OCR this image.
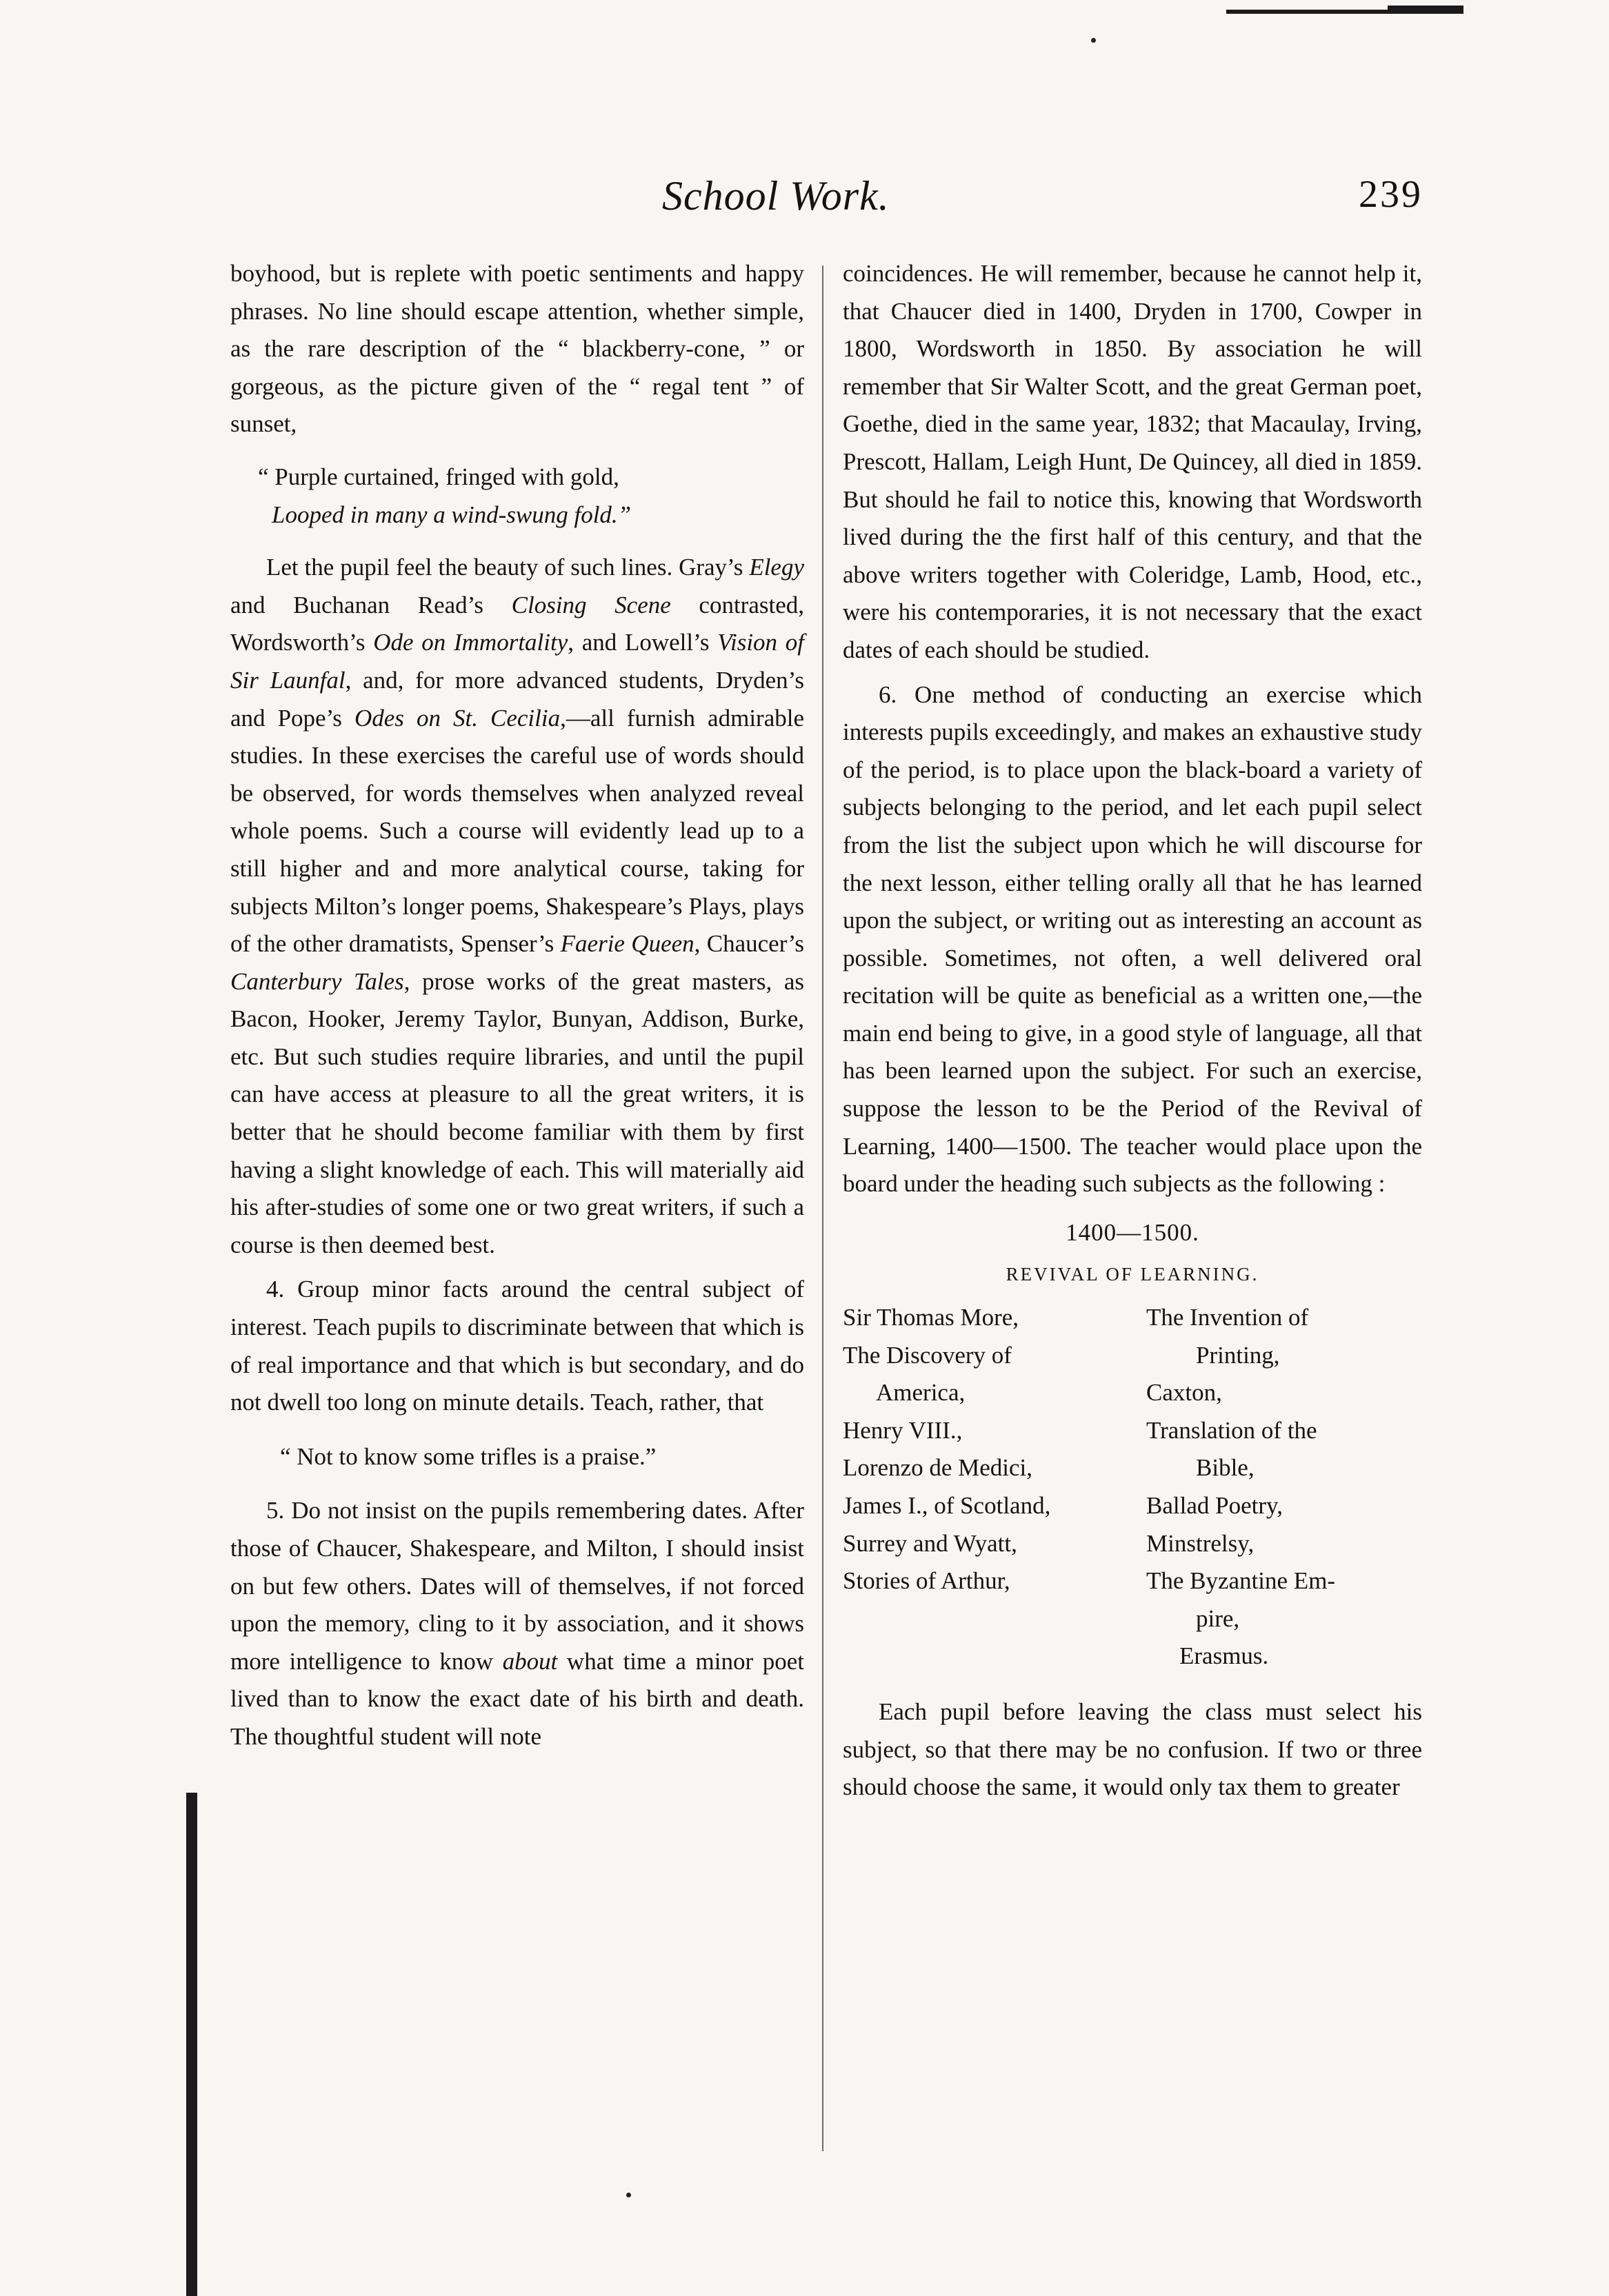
School Work.	239

boyhood, but is replete with poetic sentiments and happy phrases. No line should escape attention, whether simple, as the rare description of the “ blackberry-cone, ” or gorgeous, as the picture given of the “ regal tent ” of sunset,

“ Purple curtained, fringed with gold,
Looped in many a wind-swung fold.”

Let the pupil feel the beauty of such lines. Gray’s Elegy and Buchanan Read’s Closing Scene contrasted, Wordsworth’s Ode on Immortality, and Lowell’s Vision of Sir Launfal, and, for more advanced students, Dryden’s and Pope’s Odes on St. Cecilia,—all furnish admirable studies. In these exercises the careful use of words should be observed, for words themselves when analyzed reveal whole poems. Such a course will evidently lead up to a still higher and and more analytical course, taking for subjects Milton’s longer poems, Shakespeare’s Plays, plays of the other dramatists, Spenser’s Faerie Queen, Chaucer’s Canterbury Tales, prose works of the great masters, as Bacon, Hooker, Jeremy Taylor, Bunyan, Addison, Burke, etc. But such studies require libraries, and until the pupil can have access at pleasure to all the great writers, it is better that he should become familiar with them by first having a slight knowledge of each. This will materially aid his after-studies of some one or two great writers, if such a course is then deemed best.

4. Group minor facts around the central subject of interest. Teach pupils to discriminate between that which is of real importance and that which is but secondary, and do not dwell too long on minute details. Teach, rather, that

“ Not to know some trifles is a praise.”

5. Do not insist on the pupils remembering dates. After those of Chaucer, Shakespeare, and Milton, I should insist on but few others. Dates will of themselves, if not forced upon the memory, cling to it by association, and it shows more intelligence to know about what time a minor poet lived than to know the exact date of his birth and death. The thoughtful student will note

coincidences. He will remember, because he cannot help it, that Chaucer died in 1400, Dryden in 1700, Cowper in 1800, Wordsworth in 1850. By association he will remember that Sir Walter Scott, and the great German poet, Goethe, died in the same year, 1832; that Macaulay, Irving, Prescott, Hallam, Leigh Hunt, De Quincey, all died in 1859. But should he fail to notice this, knowing that Wordsworth lived during the the first half of this century, and that the above writers together with Coleridge, Lamb, Hood, etc., were his contemporaries, it is not necessary that the exact dates of each should be studied.

6. One method of conducting an exercise which interests pupils exceedingly, and makes an exhaustive study of the period, is to place upon the black-board a variety of subjects belonging to the period, and let each pupil select from the list the subject upon which he will discourse for the next lesson, either telling orally all that he has learned upon the subject, or writing out as interesting an account as possible. Sometimes, not often, a well delivered oral recitation will be quite as beneficial as a written one,—the main end being to give, in a good style of language, all that has been learned upon the subject. For such an exercise, suppose the lesson to be the Period of the Revival of Learning, 1400—1500. The teacher would place upon the board under the heading such subjects as the following :

1400—1500.
REVIVAL OF LEARNING.
Sir Thomas More,
The Discovery of
America,
Henry VIII.,
Lorenzo de Medici,
James I., of Scotland,
Surrey and Wyatt,
Stories of Arthur,
The Invention of
Printing,
Caxton,
Translation of the
Bible,
Ballad Poetry,
Minstrelsy,
The Byzantine Em-
pire,
Erasmus.

Each pupil before leaving the class must select his subject, so that there may be no confusion. If two or three should choose the same, it would only tax them to greater
